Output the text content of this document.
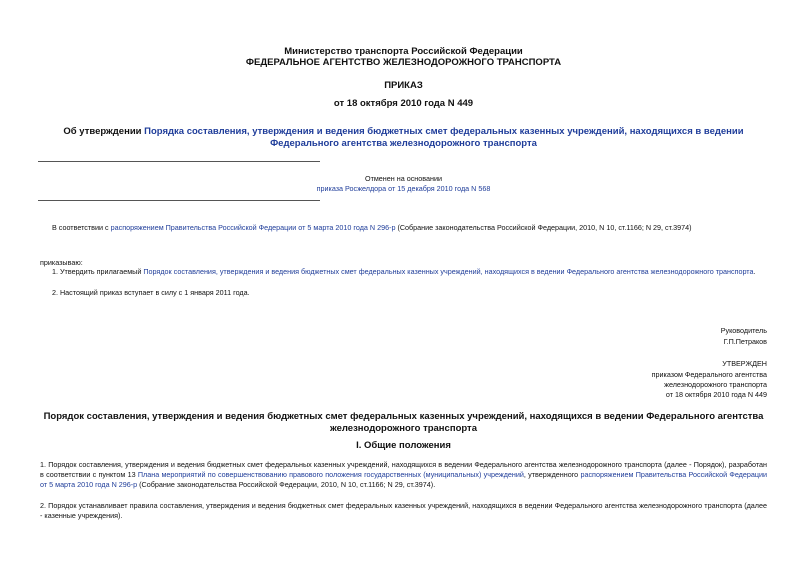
Министерство транспорта Российской Федерации
ФЕДЕРАЛЬНОЕ АГЕНТСТВО ЖЕЛЕЗНОДОРОЖНОГО ТРАНСПОРТА
ПРИКАЗ
от 18 октября 2010 года N 449
Об утверждении Порядка составления, утверждения и ведения бюджетных смет федеральных казенных учреждений, находящихся в ведении Федерального агентства железнодорожного транспорта
Отменен на основании
приказа Росжелдора от 15 декабря 2010 года N 568
В соответствии с распоряжением Правительства Российской Федерации от 5 марта 2010 года N 296-р (Собрание законодательства Российской Федерации, 2010, N 10, ст.1166; N 29, ст.3974)
приказываю:
1. Утвердить прилагаемый Порядок составления, утверждения и ведения бюджетных смет федеральных казенных учреждений, находящихся в ведении Федерального агентства железнодорожного транспорта.
2. Настоящий приказ вступает в силу с 1 января 2011 года.
Руководитель
Г.П.Петраков
УТВЕРЖДЕН
приказом Федерального агентства
железнодорожного транспорта
от 18 октября 2010 года N 449
Порядок составления, утверждения и ведения бюджетных смет федеральных казенных учреждений, находящихся в ведении Федерального агентства железнодорожного транспорта
I. Общие положения
1. Порядок составления, утверждения и ведения бюджетных смет федеральных казенных учреждений, находящихся в ведении Федерального агентства железнодорожного транспорта (далее - Порядок), разработан в соответствии с пунктом 13 Плана мероприятий по совершенствованию правового положения государственных (муниципальных) учреждений, утвержденного распоряжением Правительства Российской Федерации от 5 марта 2010 года N 296-р (Собрание законодательства Российской Федерации, 2010, N 10, ст.1166; N 29, ст.3974).
2. Порядок устанавливает правила составления, утверждения и ведения бюджетных смет федеральных казенных учреждений, находящихся в ведении Федерального агентства железнодорожного транспорта (далее - казенные учреждения).
